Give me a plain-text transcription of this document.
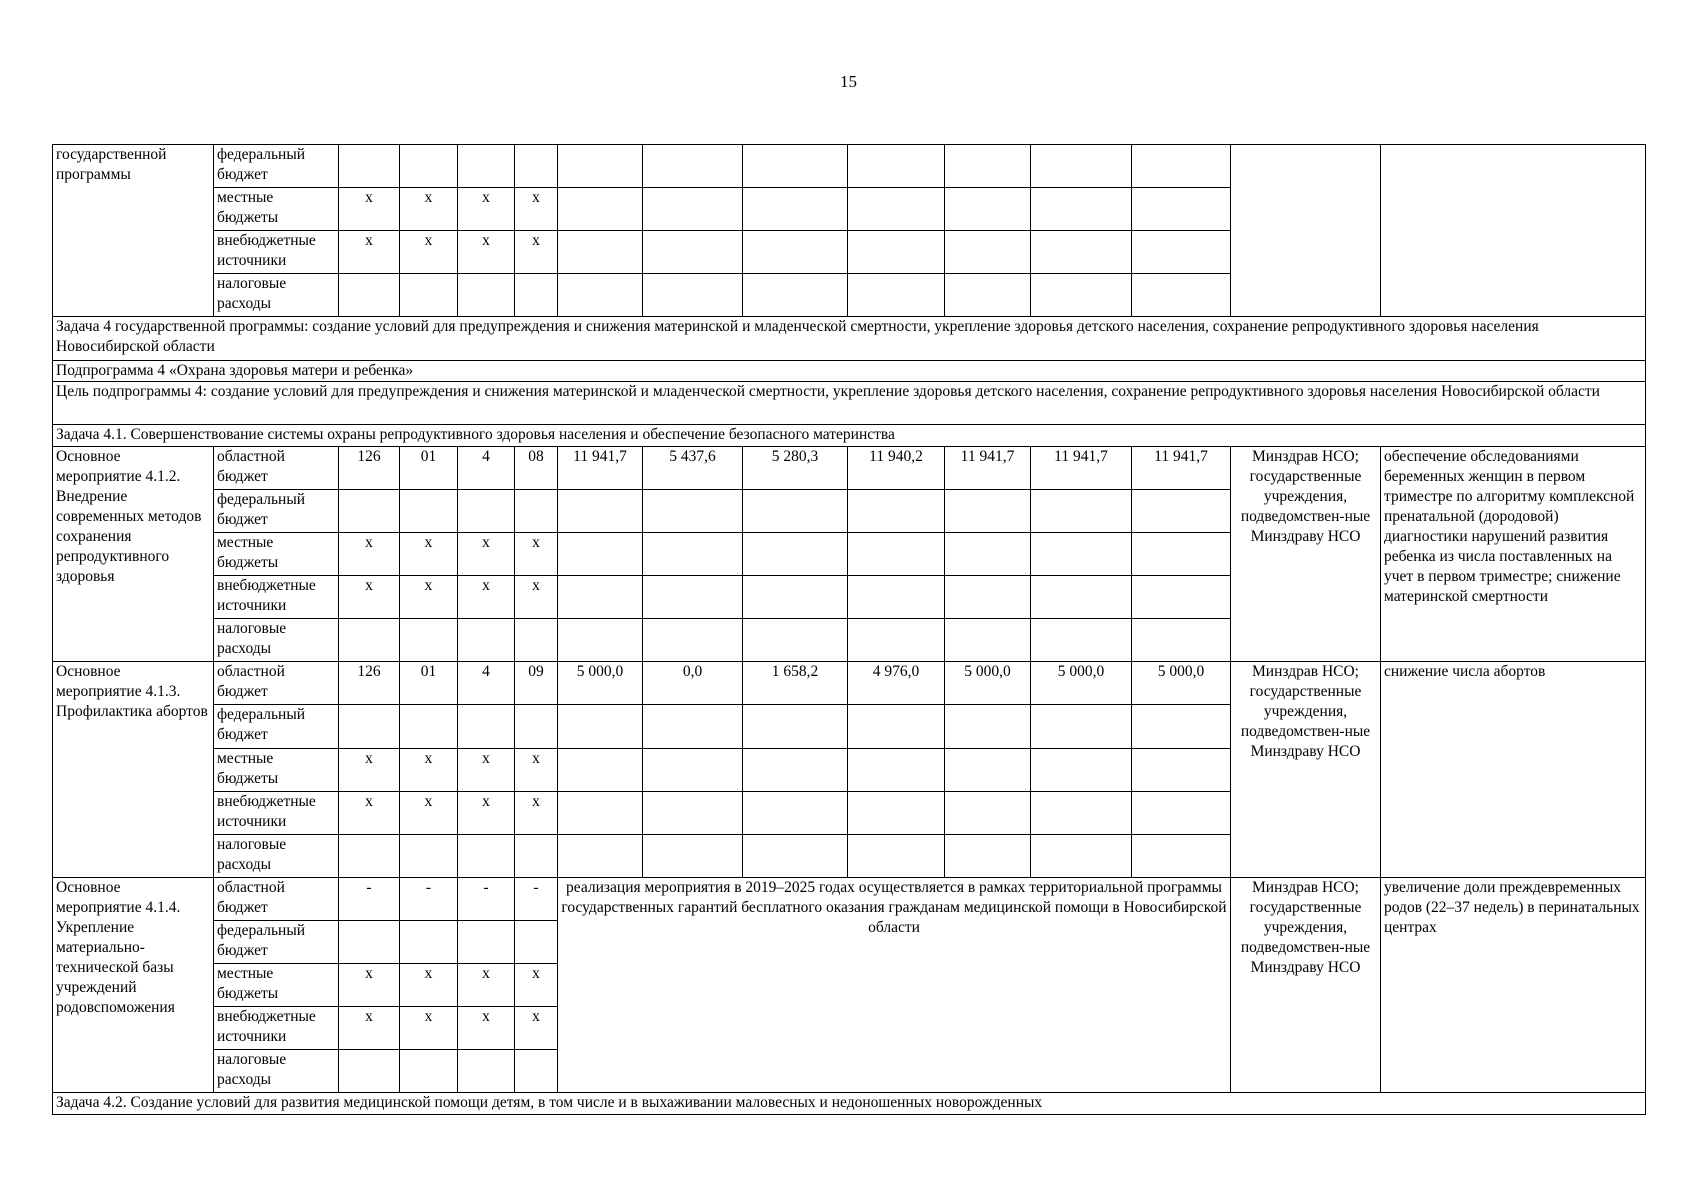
15
государственной программы	федеральный бюджет													
	местные бюджеты	x	x	x	x									
	внебюджетные источники	x	x	x	x									
	налоговые расходы													
Задача 4 государственной программы: создание условий для предупреждения и снижения материнской и младенческой смертности, укрепление здоровья детского населения, сохранение репродуктивного здоровья населения Новосибирской области														
Подпрограмма 4 «Охрана здоровья матери и ребенка»														
Цель подпрограммы 4: создание условий для предупреждения и снижения материнской и младенческой смертности, укрепление здоровья детского населения, сохранение репродуктивного здоровья населения Новосибирской области														
Задача 4.1. Совершенствование системы охраны репродуктивного здоровья населения и обеспечение безопасного материнства														
Основное мероприятие 4.1.2. Внедрение современных методов сохранения репродуктивного здоровья	областной бюджет	126	01	4	08	11 941,7	5 437,6	5 280,3	11 940,2	11 941,7	11 941,7	11 941,7	Минздрав НСО; государственные учреждения, подведомствен-ные Минздраву НСО	обеспечение обследованиями беременных женщин в первом триместре по алгоритму комплексной пренатальной (дородовой) диагностики нарушений развития ребенка из числа поставленных на учет в первом триместре; снижение материнской смертности
	федеральный бюджет													
	местные бюджеты	x	x	x	x									
	внебюджетные источники	x	x	x	x									
	налоговые расходы													
Основное мероприятие 4.1.3. Профилактика абортов	областной бюджет	126	01	4	09	5 000,0	0,0	1 658,2	4 976,0	5 000,0	5 000,0	5 000,0	Минздрав НСО; государственные учреждения, подведомствен-ные Минздраву НСО	снижение числа абортов
	федеральный бюджет													
	местные бюджеты	x	x	x	x									
	внебюджетные источники	x	x	x	x									
	налоговые расходы													
Основное мероприятие 4.1.4. Укрепление материально-технической базы учреждений родовспоможения	областной бюджет	-	-	-	-	реализация мероприятия в 2019–2025 годах осуществляется в рамках территориальной программы государственных гарантий бесплатного оказания гражданам медицинской помощи в Новосибирской области							Минздрав НСО; государственные учреждения, подведомствен-ные Минздраву НСО	увеличение доли преждевременных родов (22–37 недель) в перинатальных центрах
	федеральный бюджет													
	местные бюджеты	x	x	x	x									
	внебюджетные источники	x	x	x	x									
	налоговые расходы													
Задача 4.2. Создание условий для развития медицинской помощи детям, в том числе и в выхаживании маловесных и недоношенных новорожденных														
